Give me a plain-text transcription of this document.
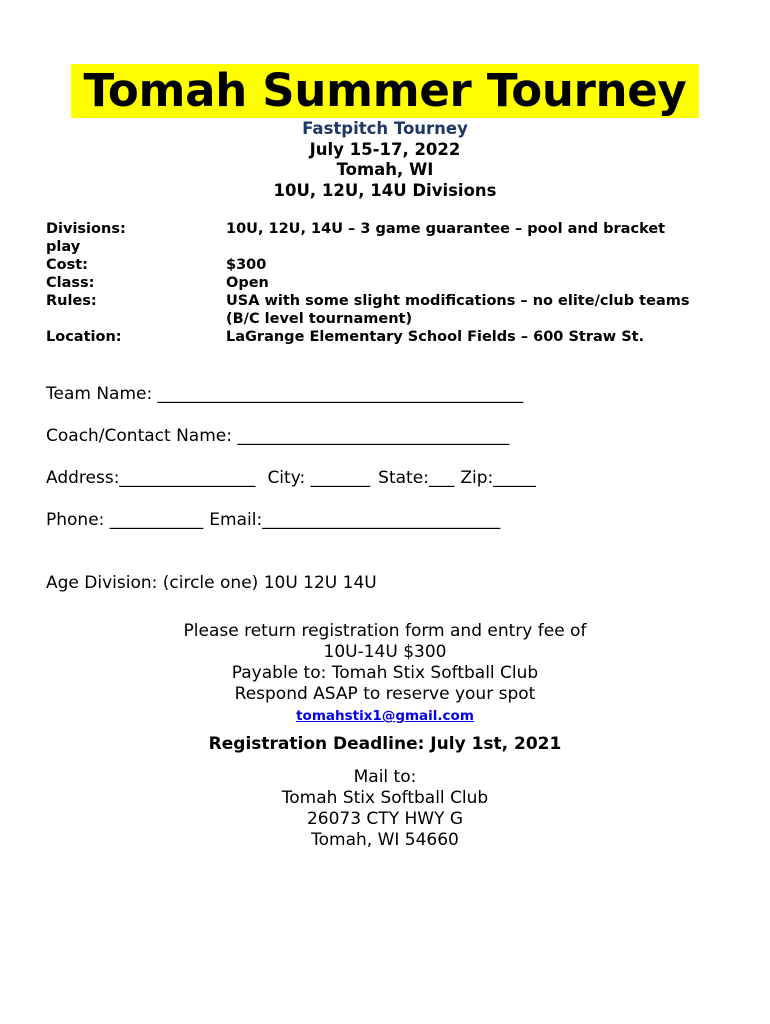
Tomah Summer Tourney
Fastpitch Tourney
July 15-17, 2022
Tomah, WI
10U, 12U, 14U Divisions
Divisions:	10U, 12U, 14U – 3 game guarantee – pool and bracket
play
Cost:	$300
Class:	Open
Rules:	USA with some slight modifications – no elite/club teams
(B/C level tournament)
Location:	LaGrange Elementary School Fields – 600 Straw St.
Team Name: ___________________________________________
Coach/Contact Name: ________________________________
Address:________________ City: _______ State:___ Zip:_____
Phone: ___________ Email:____________________________
Age Division: (circle one) 10U 12U 14U
Please return registration form and entry fee of
10U-14U $300
Payable to: Tomah Stix Softball Club
Respond ASAP to reserve your spot
tomahstix1@gmail.com
Registration Deadline: July 1st, 2021
Mail to:
Tomah Stix Softball Club
26073 CTY HWY G
Tomah, WI 54660
